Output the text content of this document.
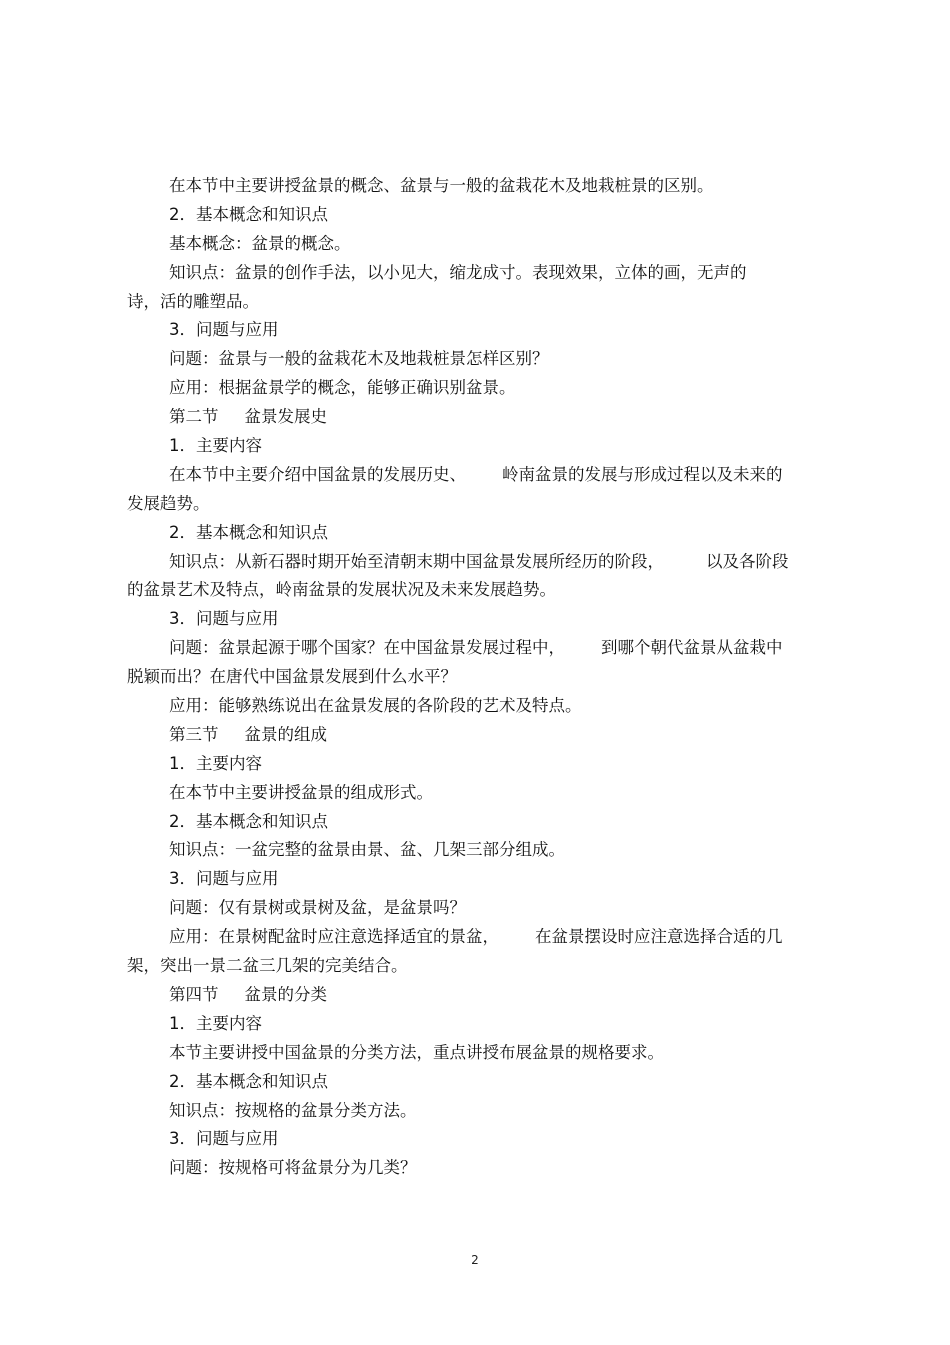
在本节中主要讲授盆景的概念、盆景与一般的盆栽花木及地栽桩景的区别。
2．基本概念和知识点
基本概念：盆景的概念。
知识点：盆景的创作手法，以小见大，缩龙成寸。表现效果，立体的画，无声的
诗，活的雕塑品。
3．问题与应用
问题：盆景与一般的盆栽花木及地栽桩景怎样区别？
应用：根据盆景学的概念，能够正确识别盆景。
第二节 盆景发展史
1．主要内容
在本节中主要介绍中国盆景的发展历史、 岭南盆景的发展与形成过程以及未来的
发展趋势。
2．基本概念和知识点
知识点：从新石器时期开始至清朝末期中国盆景发展所经历的阶段，	以及各阶段
的盆景艺术及特点，岭南盆景的发展状况及未来发展趋势。
3．问题与应用
问题：盆景起源于哪个国家？在中国盆景发展过程中， 到哪个朝代盆景从盆栽中
脱颖而出？在唐代中国盆景发展到什么水平？
应用：能够熟练说出在盆景发展的各阶段的艺术及特点。
第三节 盆景的组成
1．主要内容
在本节中主要讲授盆景的组成形式。
2．基本概念和知识点
知识点：一盆完整的盆景由景、盆、几架三部分组成。
3．问题与应用
问题：仅有景树或景树及盆，是盆景吗？
应用：在景树配盆时应注意选择适宜的景盆， 在盆景摆设时应注意选择合适的几
架，突出一景二盆三几架的完美结合。
第四节 盆景的分类
1．主要内容
本节主要讲授中国盆景的分类方法，重点讲授布展盆景的规格要求。
2．基本概念和知识点
知识点：按规格的盆景分类方法。
3．问题与应用
问题：按规格可将盆景分为几类？
2
